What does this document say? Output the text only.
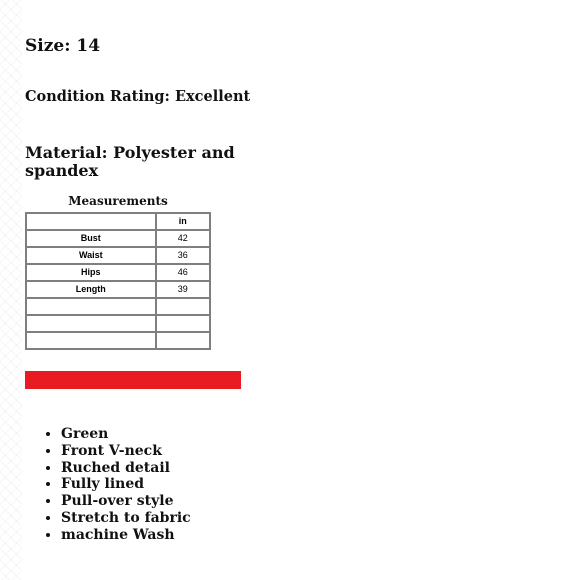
Size: 14
Condition Rating: Excellent
Material: Polyester and spandex
Measurements
	in
Bust	42
Waist	36
Hips	46
Length	39

• Green
• Front V-neck
• Ruched detail
• Fully lined
• Pull-over style
• Stretch to fabric
• machine Wash
